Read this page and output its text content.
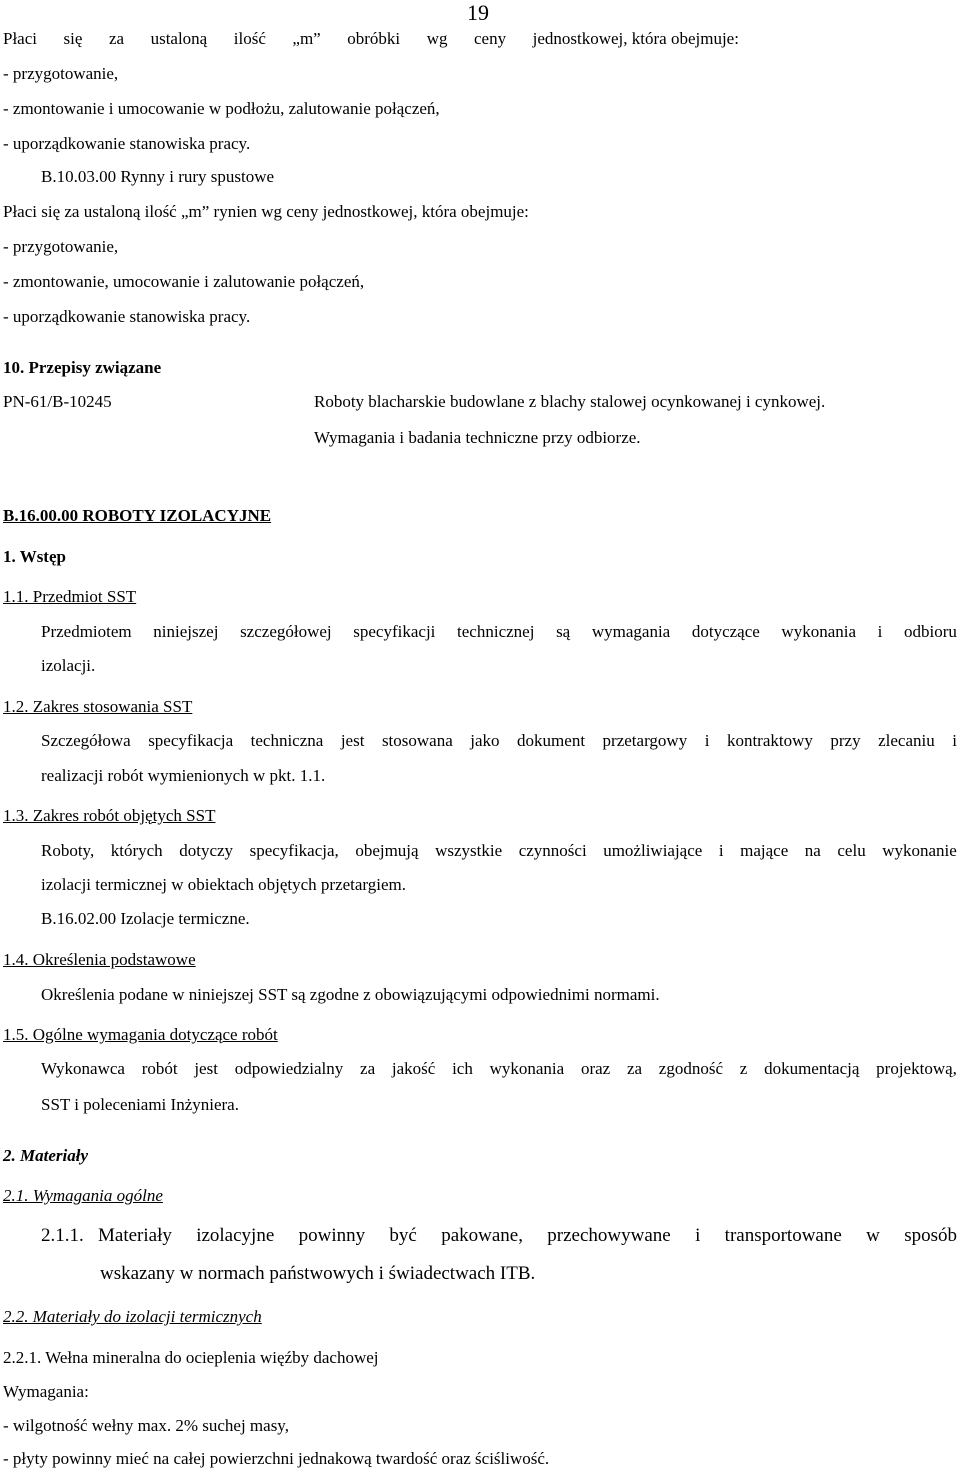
19
Płaci się za ustaloną ilość „m” obróbki wg ceny jednostkowej, która obejmuje:
- przygotowanie,
- zmontowanie i umocowanie w podłożu, zalutowanie połączeń,
- uporządkowanie stanowiska pracy.
B.10.03.00 Rynny i rury spustowe
Płaci się za ustaloną ilość „m” rynien wg ceny jednostkowej, która obejmuje:
- przygotowanie,
- zmontowanie, umocowanie i zalutowanie połączeń,
- uporządkowanie stanowiska pracy.
10. Przepisy związane
PN-61/B-10245	Roboty blacharskie budowlane z blachy stalowej ocynkowanej i cynkowej.
Wymagania i badania techniczne przy odbiorze.
B.16.00.00 ROBOTY IZOLACYJNE
1. Wstęp
1.1. Przedmiot SST
Przedmiotem niniejszej szczegółowej specyfikacji technicznej są wymagania dotyczące wykonania i odbioru
izolacji.
1.2. Zakres stosowania SST
Szczegółowa specyfikacja techniczna jest stosowana jako dokument przetargowy i kontraktowy przy zlecaniu i
realizacji robót wymienionych w pkt. 1.1.
1.3. Zakres robót objętych SST
Roboty, których dotyczy specyfikacja, obejmują wszystkie czynności umożliwiające i mające na celu wykonanie
izolacji termicznej w obiektach objętych przetargiem.
B.16.02.00 Izolacje termiczne.
1.4. Określenia podstawowe
Określenia podane w niniejszej SST są zgodne z obowiązującymi odpowiednimi normami.
1.5. Ogólne wymagania dotyczące robót
Wykonawca robót jest odpowiedzialny za jakość ich wykonania oraz za zgodność z dokumentacją projektową,
SST i poleceniami Inżyniera.
2. Materiały
2.1. Wymagania ogólne
2.1.1. Materiały izolacyjne powinny być pakowane, przechowywane i transportowane w sposób
wskazany w normach państwowych i świadectwach ITB.
2.2. Materiały do izolacji termicznych
2.2.1. Wełna mineralna do ocieplenia więźby dachowej
Wymagania:
- wilgotność wełny max. 2% suchej masy,
- płyty powinny mieć na całej powierzchni jednakową twardość oraz ściśliwość.
